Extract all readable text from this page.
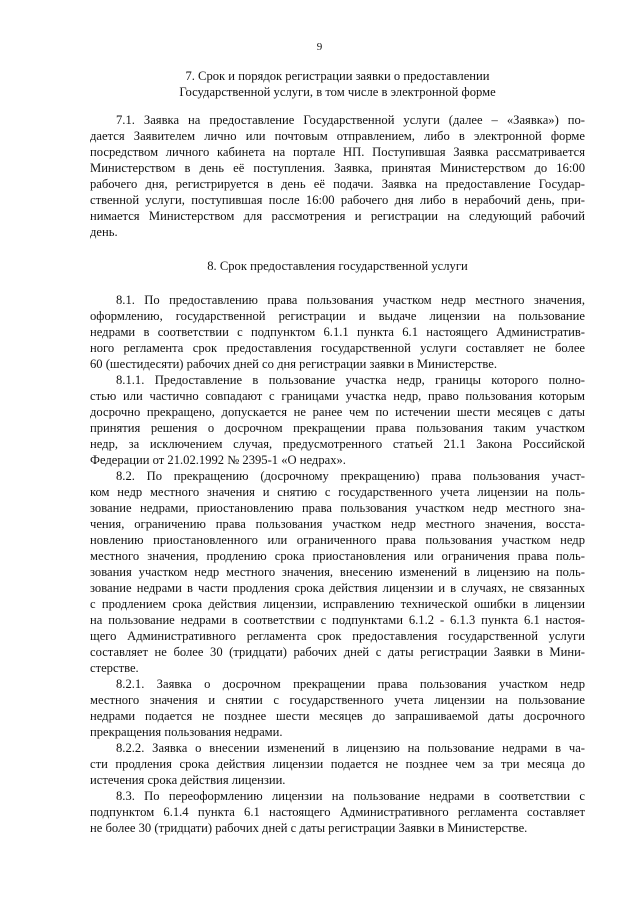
9
7. Срок и порядок регистрации заявки о предоставлении
Государственной услуги, в том числе в электронной форме
7.1. Заявка на предоставление Государственной услуги (далее – «Заявка») по-
дается Заявителем лично или почтовым отправлением, либо в электронной форме
посредством личного кабинета на портале НП. Поступившая Заявка рассматривается
Министерством в день её поступления. Заявка, принятая Министерством до 16:00
рабочего дня, регистрируется в день её подачи. Заявка на предоставление Государ-
ственной услуги, поступившая после 16:00 рабочего дня либо в нерабочий день, при-
нимается Министерством для рассмотрения и регистрации на следующий рабочий
день.
8. Срок предоставления государственной услуги
8.1. По предоставлению права пользования участком недр местного значения,
оформлению, государственной регистрации и выдаче лицензии на пользование
недрами в соответствии с подпунктом 6.1.1 пункта 6.1 настоящего Административ-
ного регламента срок предоставления государственной услуги составляет не более
60 (шестидесяти) рабочих дней со дня регистрации заявки в Министерстве.
8.1.1. Предоставление в пользование участка недр, границы которого полно-
стью или частично совпадают с границами участка недр, право пользования которым
досрочно прекращено, допускается не ранее чем по истечении шести месяцев с даты
принятия решения о досрочном прекращении права пользования таким участком
недр, за исключением случая, предусмотренного статьей 21.1 Закона Российской
Федерации от 21.02.1992 № 2395-1 «О недрах».
8.2. По прекращению (досрочному прекращению) права пользования участ-
ком недр местного значения и снятию с государственного учета лицензии на поль-
зование недрами, приостановлению права пользования участком недр местного зна-
чения, ограничению права пользования участком недр местного значения, восста-
новлению приостановленного или ограниченного права пользования участком недр
местного значения, продлению срока приостановления или ограничения права поль-
зования участком недр местного значения, внесению изменений в лицензию на поль-
зование недрами в части продления срока действия лицензии и в случаях, не связанных
с продлением срока действия лицензии, исправлению технической ошибки в лицензии
на пользование недрами в соответствии с подпунктами 6.1.2 - 6.1.3 пункта 6.1 настоя-
щего Административного регламента срок предоставления государственной услуги
составляет не более 30 (тридцати) рабочих дней с даты регистрации Заявки в Мини-
стерстве.
8.2.1. Заявка о досрочном прекращении права пользования участком недр
местного значения и снятии с государственного учета лицензии на пользование
недрами подается не позднее шести месяцев до запрашиваемой даты досрочного
прекращения пользования недрами.
8.2.2. Заявка о внесении изменений в лицензию на пользование недрами в ча-
сти продления срока действия лицензии подается не позднее чем за три месяца до
истечения срока действия лицензии.
8.3. По переоформлению лицензии на пользование недрами в соответствии с
подпунктом 6.1.4 пункта 6.1 настоящего Административного регламента составляет
не более 30 (тридцати) рабочих дней с даты регистрации Заявки в Министерстве.
